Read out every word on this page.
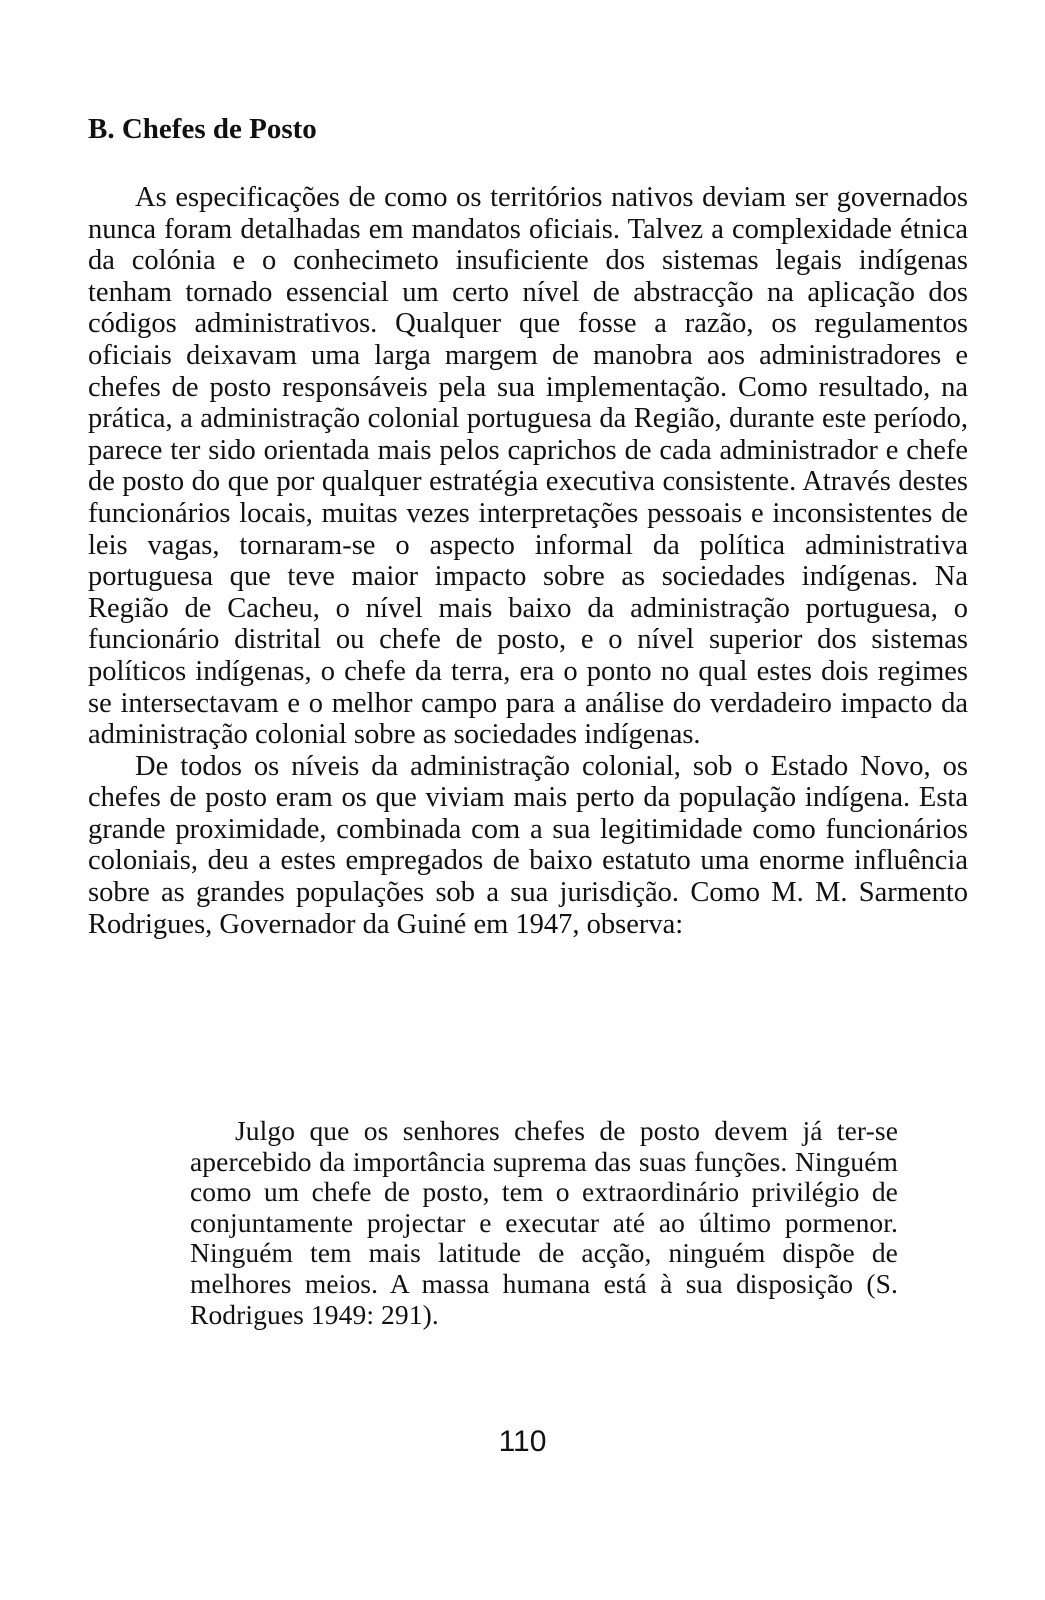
B. Chefes de Posto

As especificações de como os territórios nativos deviam ser governados nunca foram detalhadas em mandatos oficiais. Talvez a complexidade étnica da colónia e o conhecimeto insuficiente dos sistemas legais indígenas tenham tornado essencial um certo nível de abstracção na aplicação dos códigos administrativos. Qualquer que fosse a razão, os regulamentos oficiais deixavam uma larga margem de manobra aos administradores e chefes de posto responsáveis pela sua implementação. Como resultado, na prática, a administração colonial portuguesa da Região, durante este período, parece ter sido orientada mais pelos caprichos de cada administrador e chefe de posto do que por qualquer estratégia executiva consistente. Através destes funcionários locais, muitas vezes interpretações pessoais e inconsistentes de leis vagas, tornaram-se o aspecto informal da política administrativa portuguesa que teve maior impacto sobre as sociedades indígenas. Na Região de Cacheu, o nível mais baixo da administração portuguesa, o funcionário distrital ou chefe de posto, e o nível superior dos sistemas políticos indígenas, o chefe da terra, era o ponto no qual estes dois regimes se intersectavam e o melhor campo para a análise do verdadeiro impacto da administração colonial sobre as sociedades indígenas.

De todos os níveis da administração colonial, sob o Estado Novo, os chefes de posto eram os que viviam mais perto da população indígena. Esta grande proximidade, combinada com a sua legitimidade como funcionários coloniais, deu a estes empregados de baixo estatuto uma enorme influência sobre as grandes populações sob a sua jurisdição. Como M. M. Sarmento Rodrigues, Governador da Guiné em 1947, observa:

Julgo que os senhores chefes de posto devem já ter-se apercebido da importância suprema das suas funções. Ninguém como um chefe de posto, tem o extraordinário privilégio de conjuntamente projectar e executar até ao último pormenor. Ninguém tem mais latitude de acção, ninguém dispõe de melhores meios. A massa humana está à sua disposição (S. Rodrigues 1949: 291).

110
